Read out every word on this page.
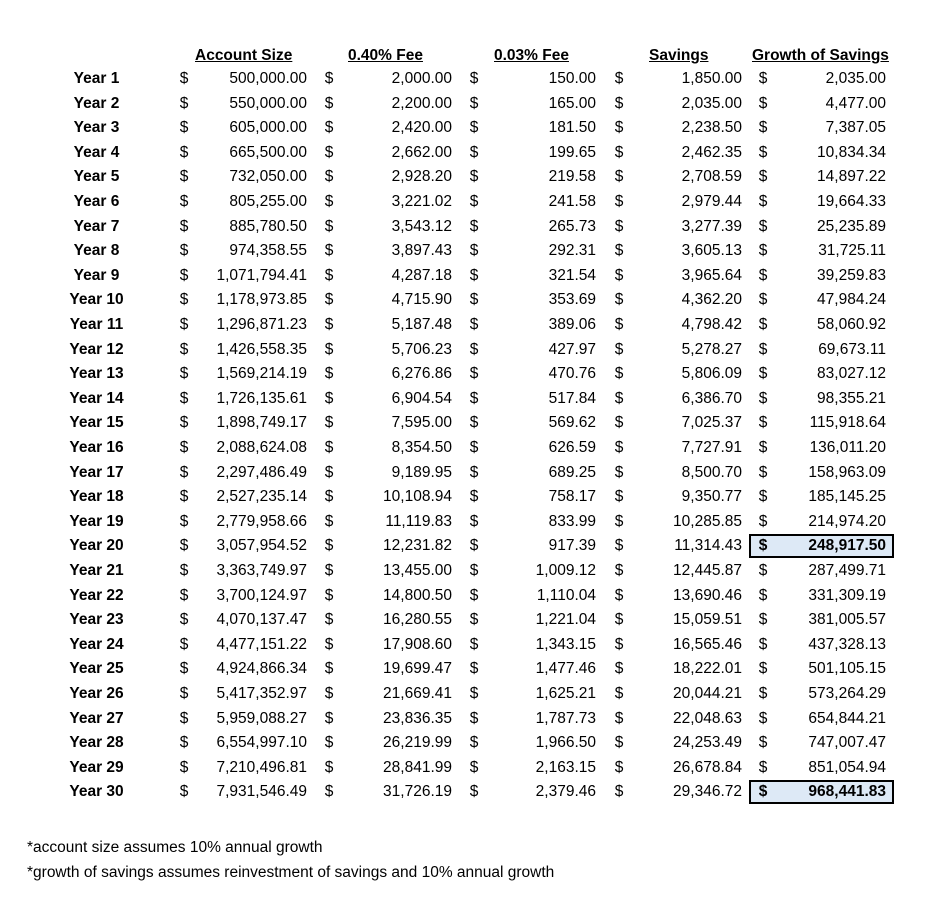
Account Size	0.40% Fee	0.03% Fee	Savings	Growth of Savings
Year 1	$	500,000.00 $	2,000.00 $	150.00 $	1,850.00 $	2,035.00
Year 2	$	550,000.00 $	2,200.00 $	165.00 $	2,035.00 $	4,477.00
Year 3	$	605,000.00 $	2,420.00 $	181.50 $	2,238.50 $	7,387.05
Year 4	$	665,500.00 $	2,662.00 $	199.65 $	2,462.35 $	10,834.34
Year 5	$	732,050.00 $	2,928.20 $	219.58 $	2,708.59 $	14,897.22
Year 6	$	805,255.00 $	3,221.02 $	241.58 $	2,979.44 $	19,664.33
Year 7	$	885,780.50 $	3,543.12 $	265.73 $	3,277.39 $	25,235.89
Year 8	$	974,358.55 $	3,897.43 $	292.31 $	3,605.13 $	31,725.11
Year 9	$	1,071,794.41 $	4,287.18 $	321.54 $	3,965.64 $	39,259.83
Year 10	$	1,178,973.85 $	4,715.90 $	353.69 $	4,362.20 $	47,984.24
Year 11	$	1,296,871.23 $	5,187.48 $	389.06 $	4,798.42 $	58,060.92
Year 12	$	1,426,558.35 $	5,706.23 $	427.97 $	5,278.27 $	69,673.11
Year 13	$	1,569,214.19 $	6,276.86 $	470.76 $	5,806.09 $	83,027.12
Year 14	$	1,726,135.61 $	6,904.54 $	517.84 $	6,386.70 $	98,355.21
Year 15	$	1,898,749.17 $	7,595.00 $	569.62 $	7,025.37 $	115,918.64
Year 16	$	2,088,624.08 $	8,354.50 $	626.59 $	7,727.91 $	136,011.20
Year 17	$	2,297,486.49 $	9,189.95 $	689.25 $	8,500.70 $	158,963.09
Year 18	$	2,527,235.14 $	10,108.94 $	758.17 $	9,350.77 $	185,145.25
Year 19	$	2,779,958.66 $	11,119.83 $	833.99 $	10,285.85 $	214,974.20
Year 20	$	3,057,954.52 $	12,231.82 $	917.39 $	11,314.43 $	248,917.50
Year 21	$	3,363,749.97 $	13,455.00 $	1,009.12 $	12,445.87 $	287,499.71
Year 22	$	3,700,124.97 $	14,800.50 $	1,110.04 $	13,690.46 $	331,309.19
Year 23	$	4,070,137.47 $	16,280.55 $	1,221.04 $	15,059.51 $	381,005.57
Year 24	$	4,477,151.22 $	17,908.60 $	1,343.15 $	16,565.46 $	437,328.13
Year 25	$	4,924,866.34 $	19,699.47 $	1,477.46 $	18,222.01 $	501,105.15
Year 26	$	5,417,352.97 $	21,669.41 $	1,625.21 $	20,044.21 $	573,264.29
Year 27	$	5,959,088.27 $	23,836.35 $	1,787.73 $	22,048.63 $	654,844.21
Year 28	$	6,554,997.10 $	26,219.99 $	1,966.50 $	24,253.49 $	747,007.47
Year 29	$	7,210,496.81 $	28,841.99 $	2,163.15 $	26,678.84 $	851,054.94
Year 30	$	7,931,546.49 $	31,726.19 $	2,379.46 $	29,346.72 $	968,441.83
*account size assumes 10% annual growth
*growth of savings assumes reinvestment of savings and 10% annual growth
